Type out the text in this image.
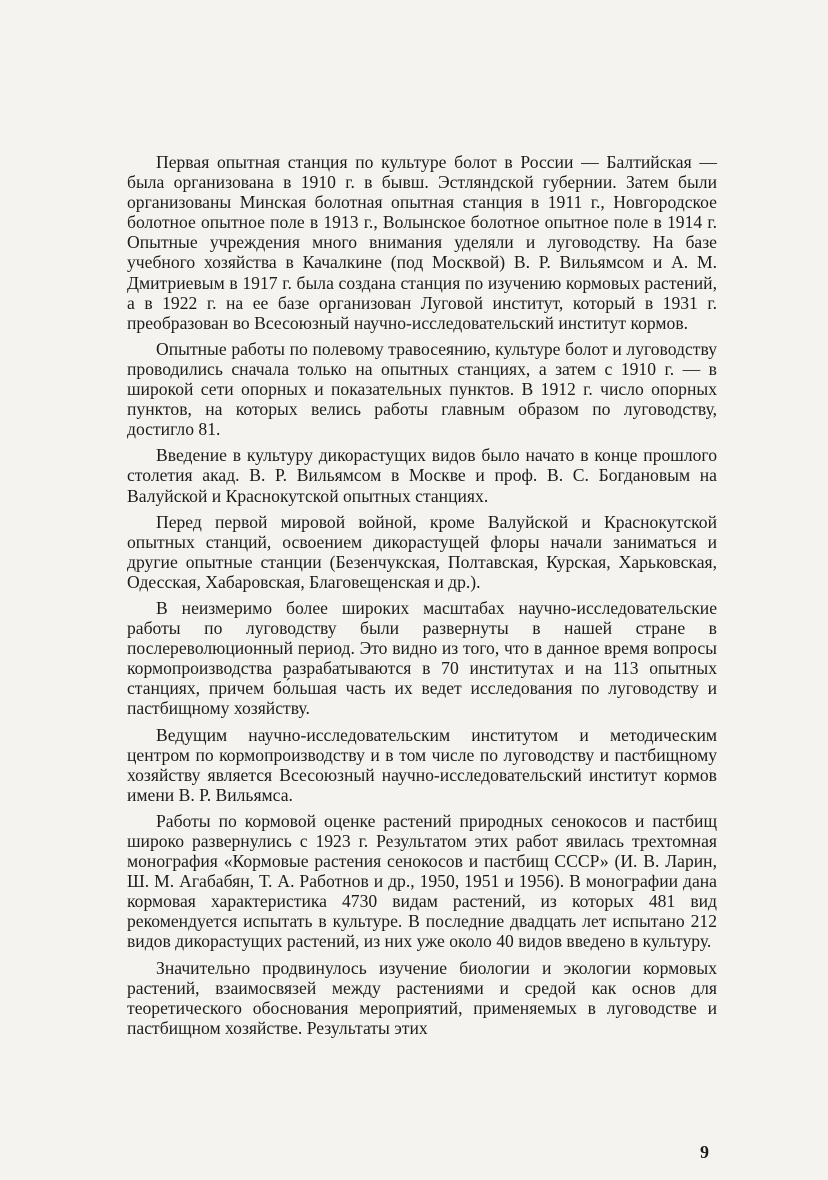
Первая опытная станция по культуре болот в России — Балтийская — была организована в 1910 г. в бывш. Эстляндской губернии. Затем были организованы Минская болотная опытная станция в 1911 г., Новгородское болотное опытное поле в 1913 г., Волынское болотное опытное поле в 1914 г. Опытные учреждения много внимания уделяли и луговодству. На базе учебного хозяйства в Качалкине (под Москвой) В. Р. Вильямсом и А. М. Дмитриевым в 1917 г. была создана станция по изучению кормовых растений, а в 1922 г. на ее базе организован Луговой институт, который в 1931 г. преобразован во Всесоюзный научно-исследовательский институт кормов.

Опытные работы по полевому травосеянию, культуре болот и луговодству проводились сначала только на опытных станциях, а затем с 1910 г. — в широкой сети опорных и показательных пунктов. В 1912 г. число опорных пунктов, на которых велись работы главным образом по луговодству, достигло 81.

Введение в культуру дикорастущих видов было начато в конце прошлого столетия акад. В. Р. Вильямсом в Москве и проф. В. С. Богдановым на Валуйской и Краснокутской опытных станциях.

Перед первой мировой войной, кроме Валуйской и Краснокутской опытных станций, освоением дикорастущей флоры начали заниматься и другие опытные станции (Безенчукская, Полтавская, Курская, Харьковская, Одесская, Хабаровская, Благовещенская и др.).

В неизмеримо более широких масштабах научно-исследовательские работы по луговодству были развернуты в нашей стране в послереволюционный период. Это видно из того, что в данное время вопросы кормопроизводства разрабатываются в 70 институтах и на 113 опытных станциях, причем бо́льшая часть их ведет исследования по луговодству и пастбищному хозяйству.

Ведущим научно-исследовательским институтом и методическим центром по кормопроизводству и в том числе по луговодству и пастбищному хозяйству является Всесоюзный научно-исследовательский институт кормов имени В. Р. Вильямса.

Работы по кормовой оценке растений природных сенокосов и пастбищ широко развернулись с 1923 г. Результатом этих работ явилась трехтомная монография «Кормовые растения сенокосов и пастбищ СССР» (И. В. Ларин, Ш. М. Агабабян, Т. А. Работнов и др., 1950, 1951 и 1956). В монографии дана кормовая характеристика 4730 видам растений, из которых 481 вид рекомендуется испытать в культуре. В последние двадцать лет испытано 212 видов дикорастущих растений, из них уже около 40 видов введено в культуру.

Значительно продвинулось изучение биологии и экологии кормовых растений, взаимосвязей между растениями и средой как основ для теоретического обоснования мероприятий, применяемых в луговодстве и пастбищном хозяйстве. Результаты этих

9
